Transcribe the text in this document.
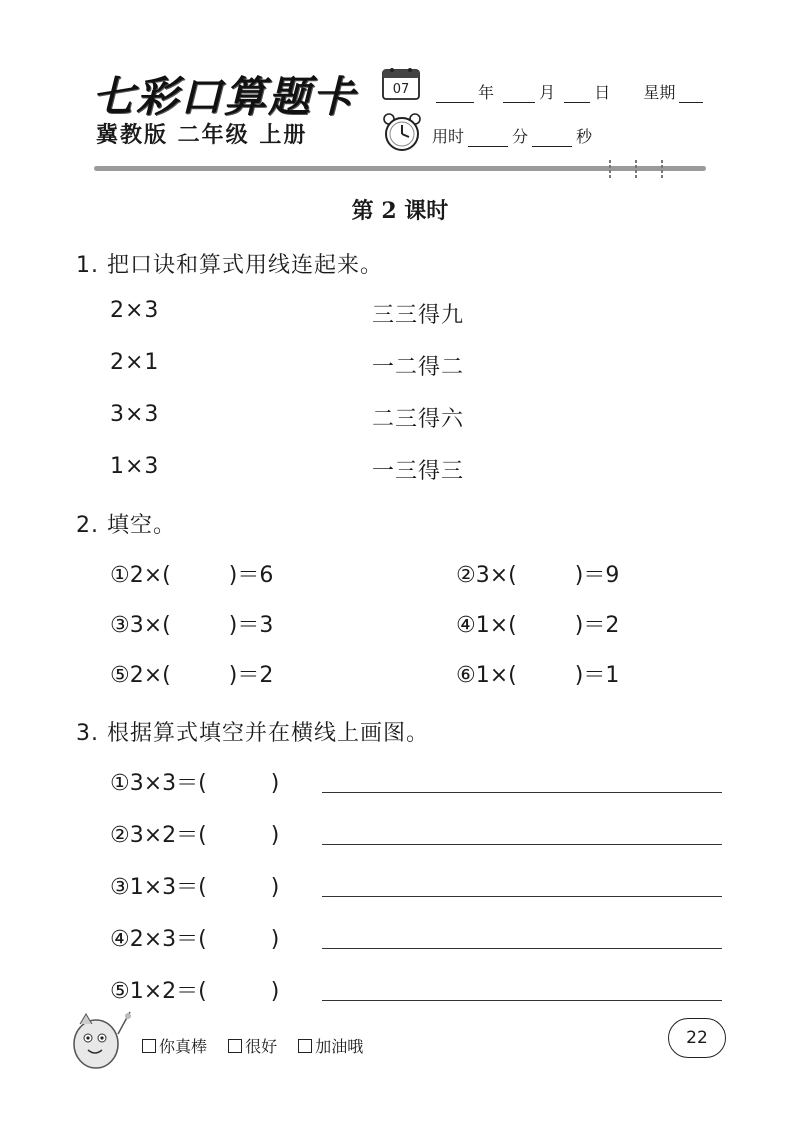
七彩口算题卡
冀教版 二年级 上册
07	年	月 日 星期
用时	分	秒
第 2 课时
1. 把口诀和算式用线连起来。
2×3
2×1
3×3
1×3
三三得九
一二得二
二三得六
一三得三
2. 填空。
①2×(	)＝6	②3×(	)＝9
③3×(	)＝3	④1×(	)＝2
⑤2×(	)＝2	⑥1×(	)＝1
3. 根据算式填空并在横线上画图。
①3×3＝(	)
②3×2＝(	)
③1×3＝(	)
④2×3＝(	)
⑤1×2＝(	)
你真棒 很好 加油哦	22
